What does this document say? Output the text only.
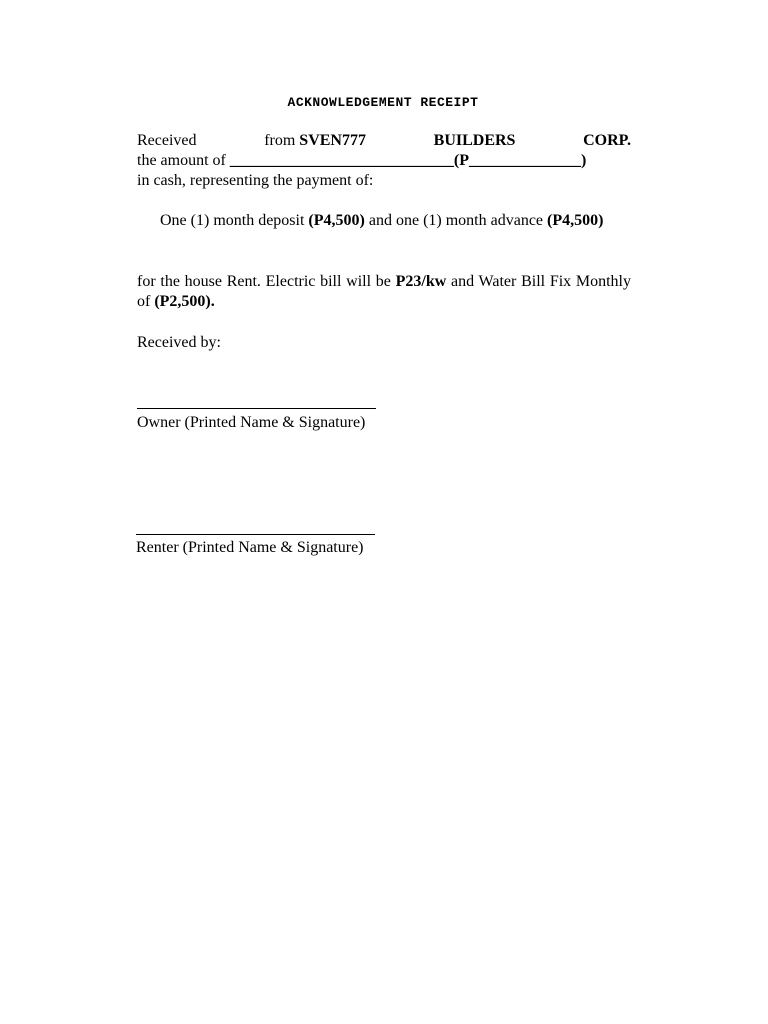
ACKNOWLEDGEMENT RECEIPT
Received	from SVEN777	BUILDERS	CORP.
the amount of ____________________________(P______________)
in cash, representing the payment of:
One (1) month deposit (P4,500) and one (1) month advance (P4,500)
for the house Rent. Electric bill will be P23/kw and Water Bill Fix Monthly of (P2,500).
Received by:
Owner (Printed Name & Signature)
Renter (Printed Name & Signature)
